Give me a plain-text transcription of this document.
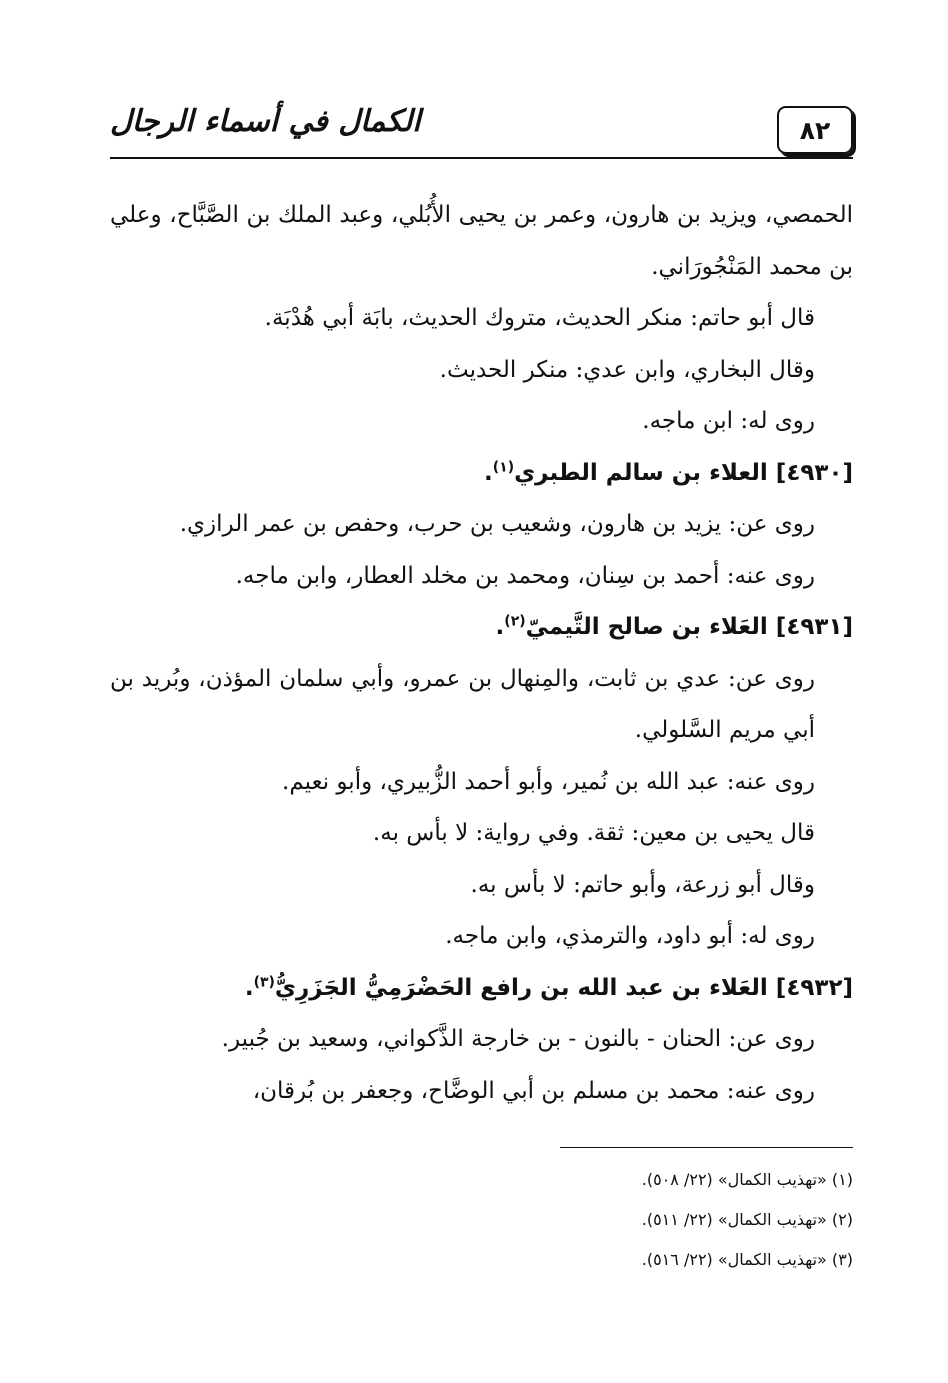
٨٢
الكمال في أسماء الرجال

الحمصي، ويزيد بن هارون، وعمر بن يحيى الأُبُلي، وعبد الملك بن الصَّبَّاح، وعلي بن محمد المَنْجُورَاني.

قال أبو حاتم: منكر الحديث، متروك الحديث، بابَة أبي هُدْبَة.

وقال البخاري، وابن عدي: منكر الحديث.

روى له: ابن ماجه.

[٤٩٣٠] العلاء بن سالم الطبري$^{(١)}$.

روى عن: يزيد بن هارون، وشعيب بن حرب، وحفص بن عمر الرازي.

روى عنه: أحمد بن سِنان، ومحمد بن مخلد العطار، وابن ماجه.

[٤٩٣١] العَلاء بن صالح التَّيميّ$^{(٢)}$.

روى عن: عدي بن ثابت، والمِنهال بن عمرو، وأبي سلمان المؤذن، وبُريد بن أبي مريم السَّلولي.

روى عنه: عبد الله بن نُمير، وأبو أحمد الزُّبيري، وأبو نعيم.

قال يحيى بن معين: ثقة. وفي رواية: لا بأس به.

وقال أبو زرعة، وأبو حاتم: لا بأس به.

روى له: أبو داود، والترمذي، وابن ماجه.

[٤٩٣٢] العَلاء بن عبد الله بن رافع الحَضْرَمِيُّ الجَزَرِيُّ$^{(٣)}$.

روى عن: الحنان - بالنون - بن خارجة الذَّكواني، وسعيد بن جُبير.

روى عنه: محمد بن مسلم بن أبي الوضَّاح، وجعفر بن بُرقان،

(١) «تهذيب الكمال» (٢٢/ ٥٠٨).

(٢) «تهذيب الكمال» (٢٢/ ٥١١).

(٣) «تهذيب الكمال» (٢٢/ ٥١٦).
